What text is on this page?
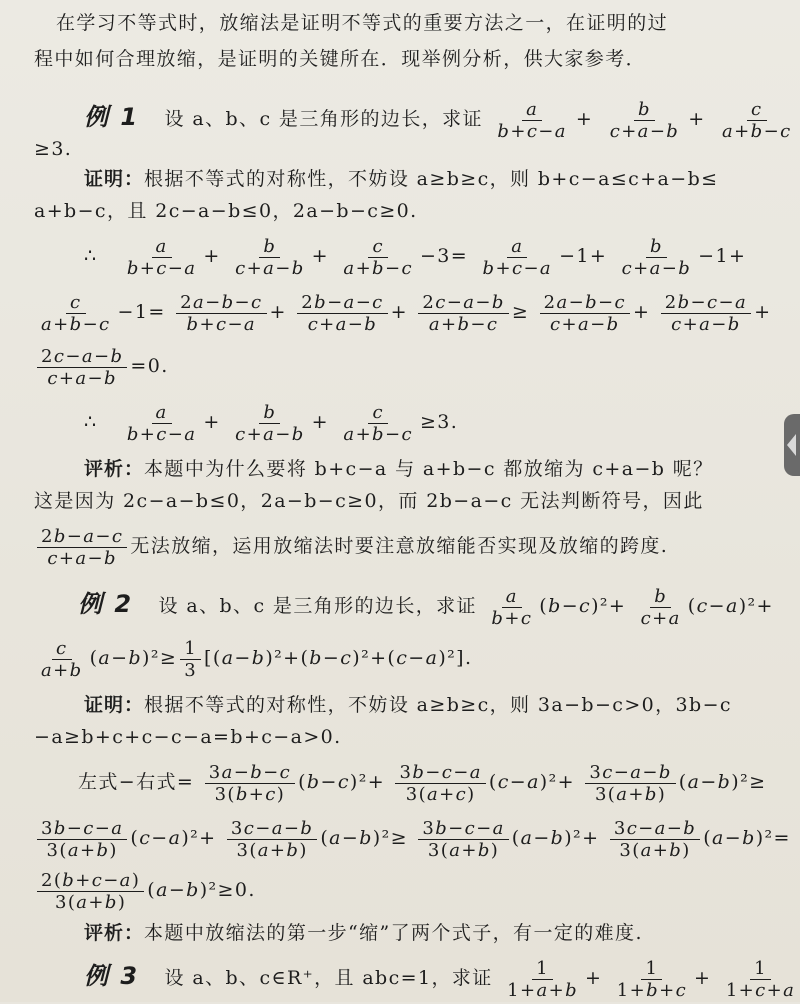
在学习不等式时，放缩法是证明不等式的重要方法之一，在证明的过
程中如何合理放缩，是证明的关键所在．现举例分析，供大家参考．
例 1 设 a、b、c 是三角形的边长，求证 $\frac{a}{b+c-a} + \frac{b}{c+a-b} + \frac{c}{a+b-c}$
≥3.
证明：根据不等式的对称性，不妨设 a≥b≥c，则 b+c−a≤c+a−b≤
a+b−c，且 2c−a−b≤0，2a−b−c≥0.
∴ $\frac{a}{b+c-a} + \frac{b}{c+a-b} + \frac{c}{a+b-c} -3= \frac{a}{b+c-a} -1+ \frac{b}{c+a-b} -1+$
$\frac{c}{a+b-c} -1= \frac{2a-b-c}{b+c-a} + \frac{2b-a-c}{c+a-b} + \frac{2c-a-b}{a+b-c} \ge \frac{2a-b-c}{c+a-b} + \frac{2b-c-a}{c+a-b}$ +
$\frac{2c-a-b}{c+a-b} =0$.
∴ $\frac{a}{b+c-a} + \frac{b}{c+a-b} + \frac{c}{a+b-c} \ge 3$.
评析：本题中为什么要将 b+c−a 与 a+b−c 都放缩为 c+a−b 呢？
这是因为 2c−a−b≤0，2a−b−c≥0，而 2b−a−c 无法判断符号，因此
$\frac{2b-a-c}{c+a-b}$ 无法放缩，运用放缩法时要注意放缩能否实现及放缩的跨度.
例 2 设 a、b、c 是三角形的边长，求证 $\frac{a}{b+c} (b-c)^2+ \frac{b}{c+a} (c-a)^2+$
$\frac{c}{a+b} (a-b)^2\ge \frac{1}{3} [(a-b)^2+(b-c)^2+(c-a)^2]$.
证明：根据不等式的对称性，不妨设 a≥b≥c，则 3a−b−c>0，3b−c
−a≥b+c+c−c−a=b+c−a>0.
左式−右式= $\frac{3a-b-c}{3(b+c)} (b-c)^2+ \frac{3b-c-a}{3(a+c)} (c-a)^2+ \frac{3c-a-b}{3(a+b)} (a-b)^2\ge$
$\frac{3b-c-a}{3(a+b)} (c-a)^2+ \frac{3c-a-b}{3(a+b)} (a-b)^2\ge \frac{3b-c-a}{3(a+b)} (a-b)^2+ \frac{3c-a-b}{3(a+b)} (a-b)^2=$
$\frac{2(b+c-a)}{3(a+b)} (a-b)^2\ge 0$.
评析：本题中放缩法的第一步“缩”了两个式子，有一定的难度.
例 3 设 a、b、c∈R⁺，且 abc=1，求证 $\frac{1}{1+a+b} + \frac{1}{1+b+c} + \frac{1}{1+c+a}$
